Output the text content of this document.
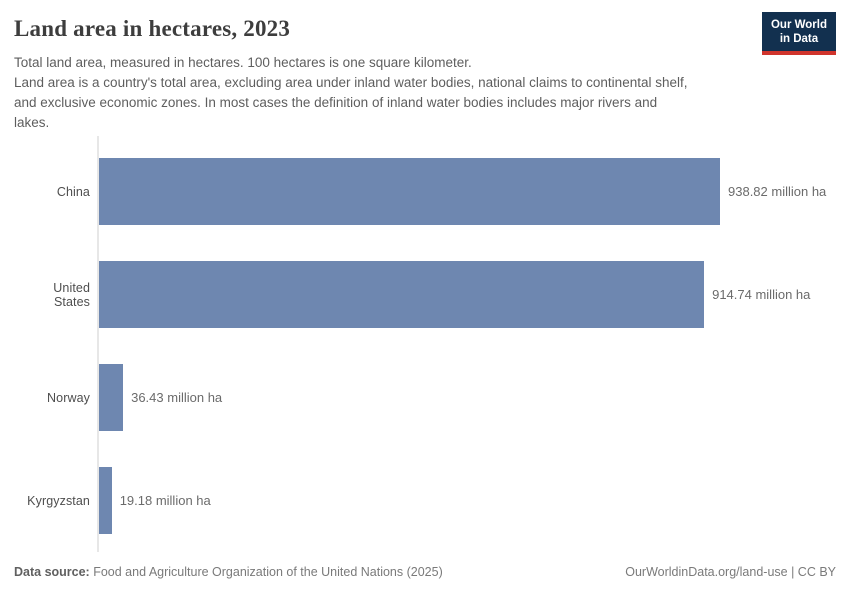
Land area in hectares, 2023
Total land area, measured in hectares. 100 hectares is one square kilometer.
Land area is a country's total area, excluding area under inland water bodies, national claims to continental shelf,
and exclusive economic zones. In most cases the definition of inland water bodies includes major rivers and
lakes.
Our World
in Data
China	938.82 million ha
United States	914.74 million ha
Norway	36.43 million ha
Kyrgyzstan 19.18 million ha
Data source: Food and Agriculture Organization of the United Nations (2025)	OurWorldinData.org/land-use | CC BY
